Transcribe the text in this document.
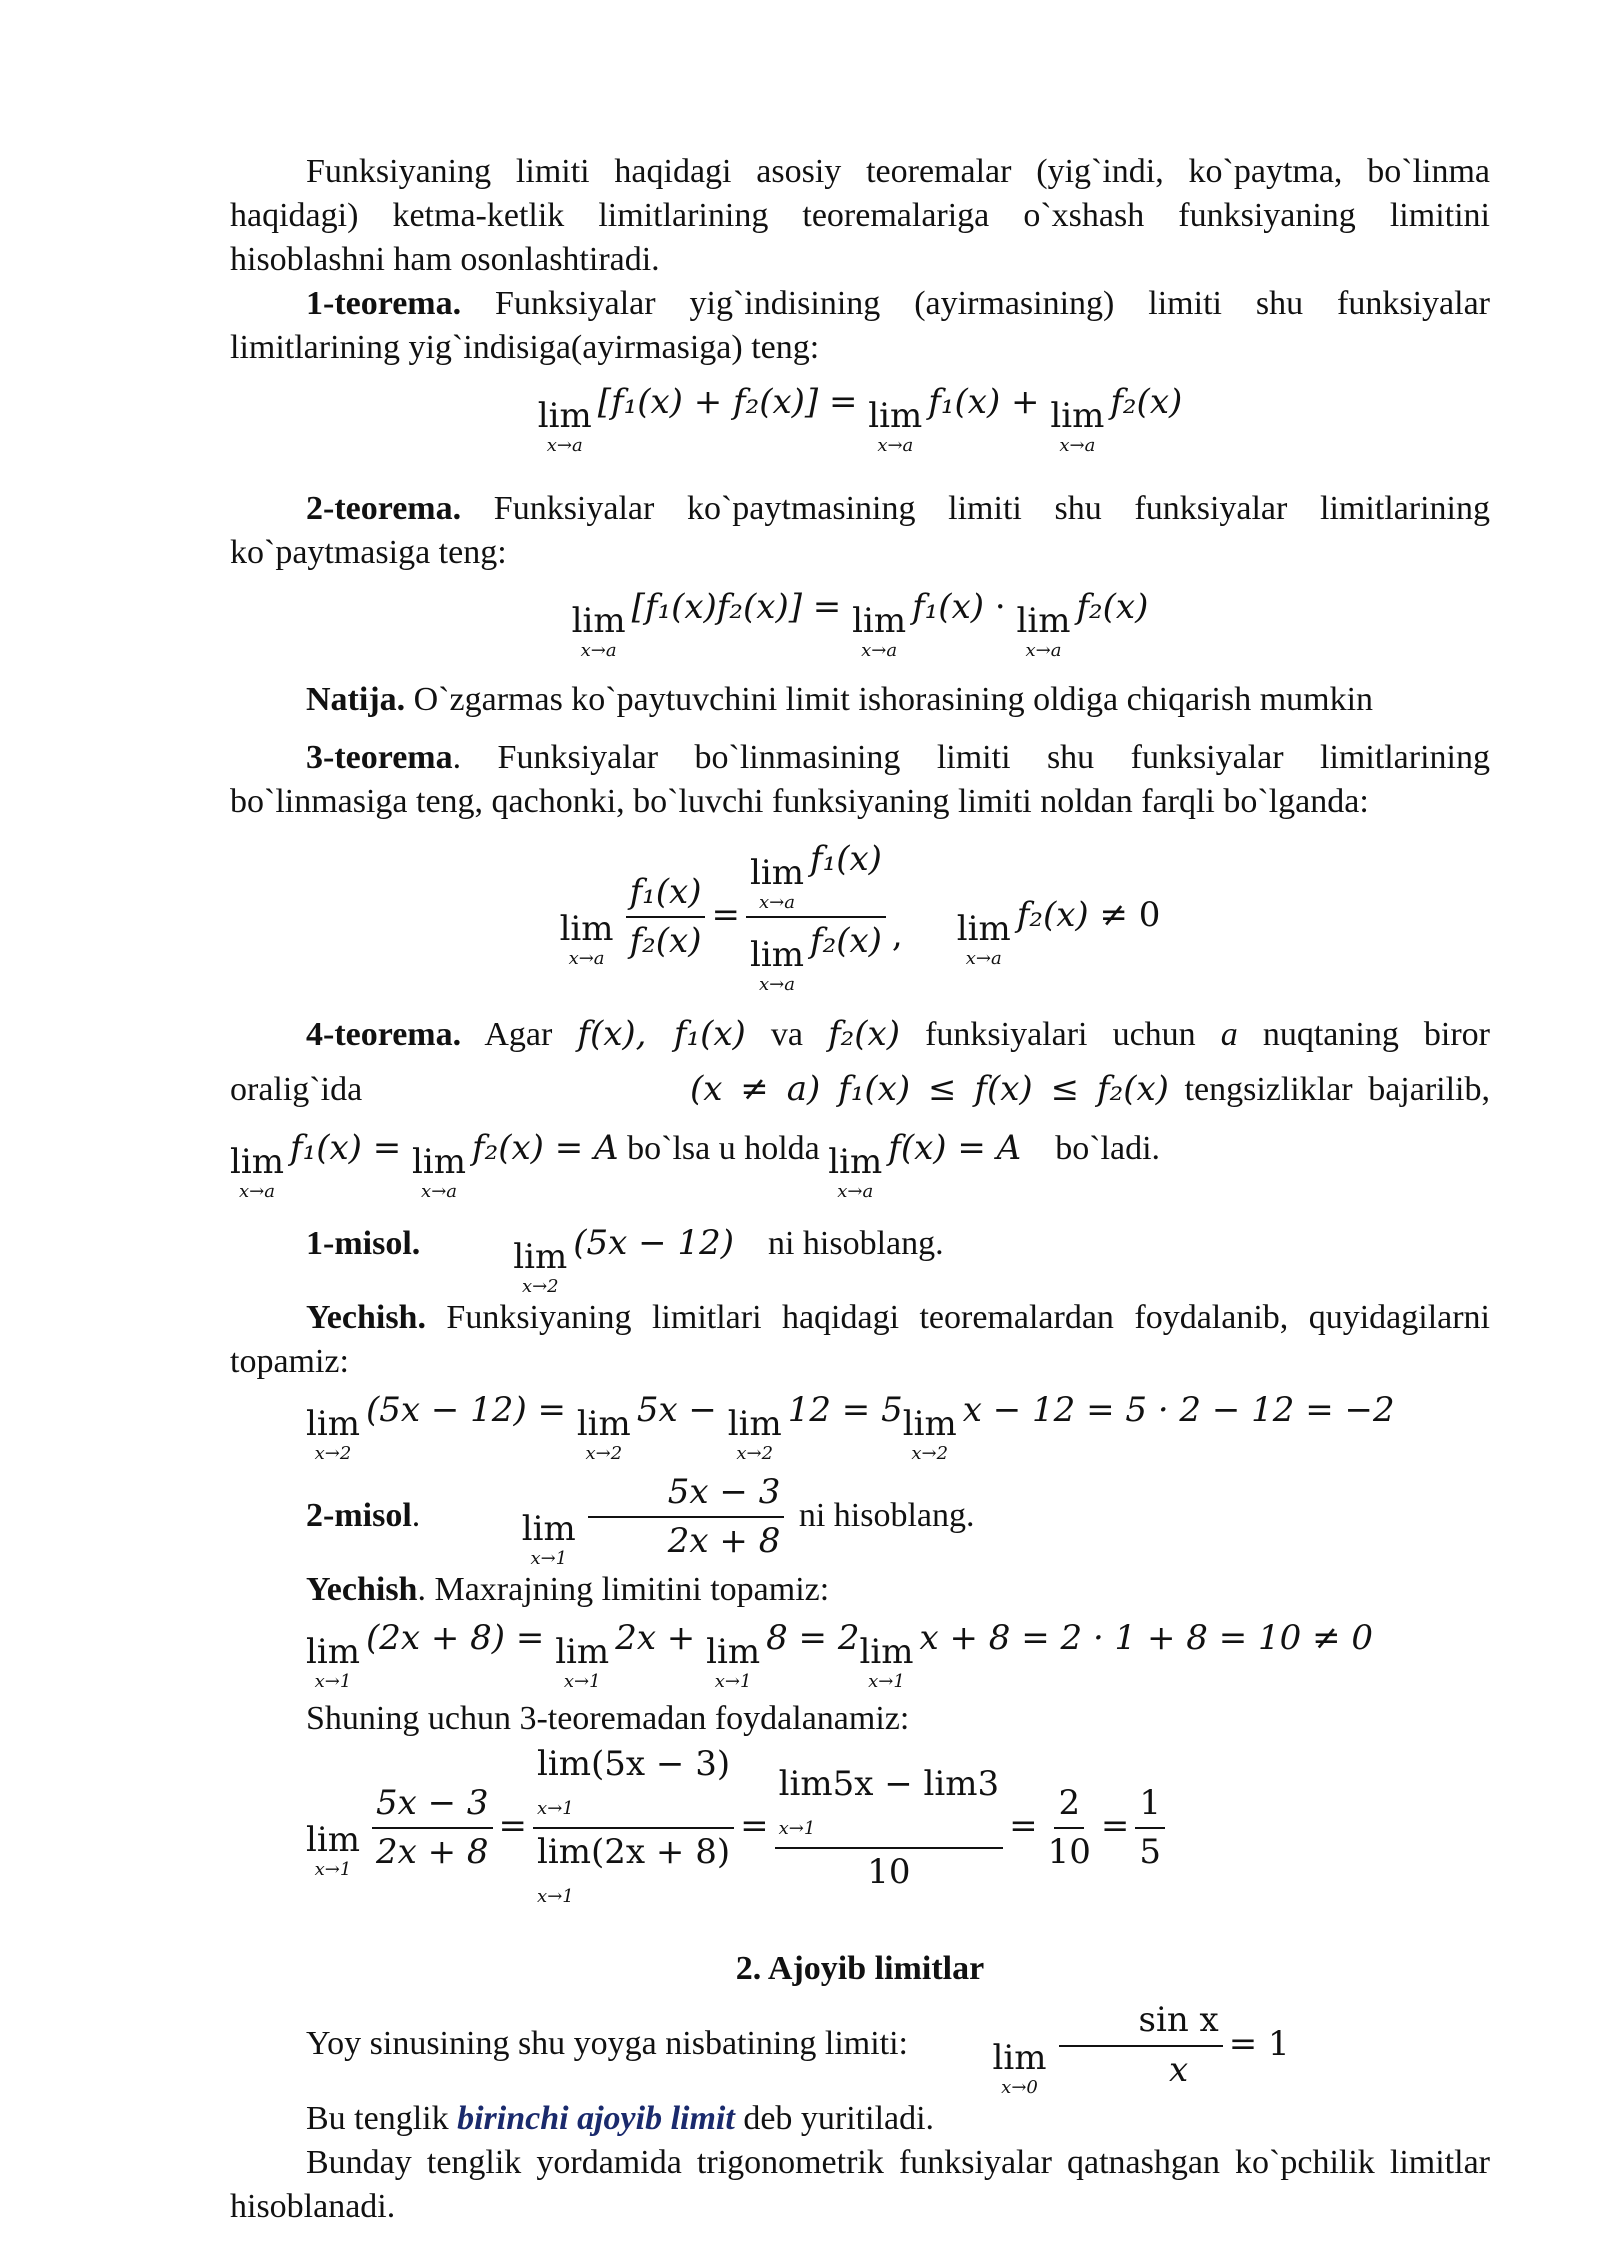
Funksiyaning limiti haqidagi asosiy teoremalar (yig`indi, ko`paytma, bo`linma haqidagi) ketma-ketlik limitlarining teoremalariga o`xshash funksiyaning limitini hisoblashni ham osonlashtiradi.

1-teorema. Funksiyalar yig`indisining (ayirmasining) limiti shu funksiyalar limitlarining yig`indisiga(ayirmasiga) teng:

lim
x→a
[f₁(x) + f₂(x)] = lim
x→a
f₁(x) + lim
x→a
f₂(x)

2-teorema. Funksiyalar ko`paytmasining limiti shu funksiyalar limitlarining ko`paytmasiga teng:

lim
x→a
[f₁(x)f₂(x)] = lim
x→a
f₁(x) · lim
x→a
f₂(x)

Natija. O`zgarmas ko`paytuvchini limit ishorasining oldiga chiqarish mumkin

3-teorema. Funksiyalar bo`linmasining limiti shu funksiyalar limitlarining bo`linmasiga teng, qachonki, bo`luvchi funksiyaning limiti noldan farqli bo`lganda:

lim
$x\to a \frac{\text{f₁(x)}}{\text{f₂(x)}} = \lim$
x→a
f₁(x)
lim
x→a
f₂(x) , lim
x→a
f₂(x) ≠ 0

4-teorema. Agar f(x), f₁(x) va f₂(x) funksiyalari uchun a nuqtaning biror

oralig`ida	(x ≠ a) f₁(x) ≤ f(x) ≤ f₂(x) tengsizliklar bajarilib,

lim
x→a
f₁(x) = lim
x→a
f₂(x) = A bo`lsa u holda lim
x→a
f(x) = A    bo`ladi.

1-misol.	lim
x→2
(5x − 12)    ni hisoblang.

Yechish. Funksiyaning limitlari haqidagi teoremalardan foydalanib, quyidagilarni topamiz:

lim
x→2
(5x − 12) = lim
x→2
5x − lim
x→2
12 = 5 lim
x→2
x − 12 = 5 · 2 − 12 = −2

2-misol.	lim
$x\to 1 \frac{5x - 3}{2x + 8}$ ni hisoblang.

Yechish. Maxrajning limitini topamiz:

lim
x→1
(2x + 8) = lim
x→1
2x + lim
x→1
8 = 2 lim
x→1
x + 8 = 2 · 1 + 8 = 10 ≠ 0

Shuning uchun 3-teoremadan foydalanamiz:

lim
$x\to 1 \frac{5x - 3}{2x + 8}$ =
lim(5x − 3)
x→1
lim(2x + 8)
x→1
=
lim5x − lim3
x→1
10
= $\frac{2}{10} = \frac{1}{5}$
2. Ajoyib limitlar

Yoy sinusining shu yoyga nisbatining limiti:	lim
$x\to 0 \frac{\text{sin x}}{x} = 1$

Bu tenglik birinchi ajoyib limit deb yuritiladi.

Bunday tenglik yordamida trigonometrik funksiyalar qatnashgan ko`pchilik limitlar hisoblanadi.
